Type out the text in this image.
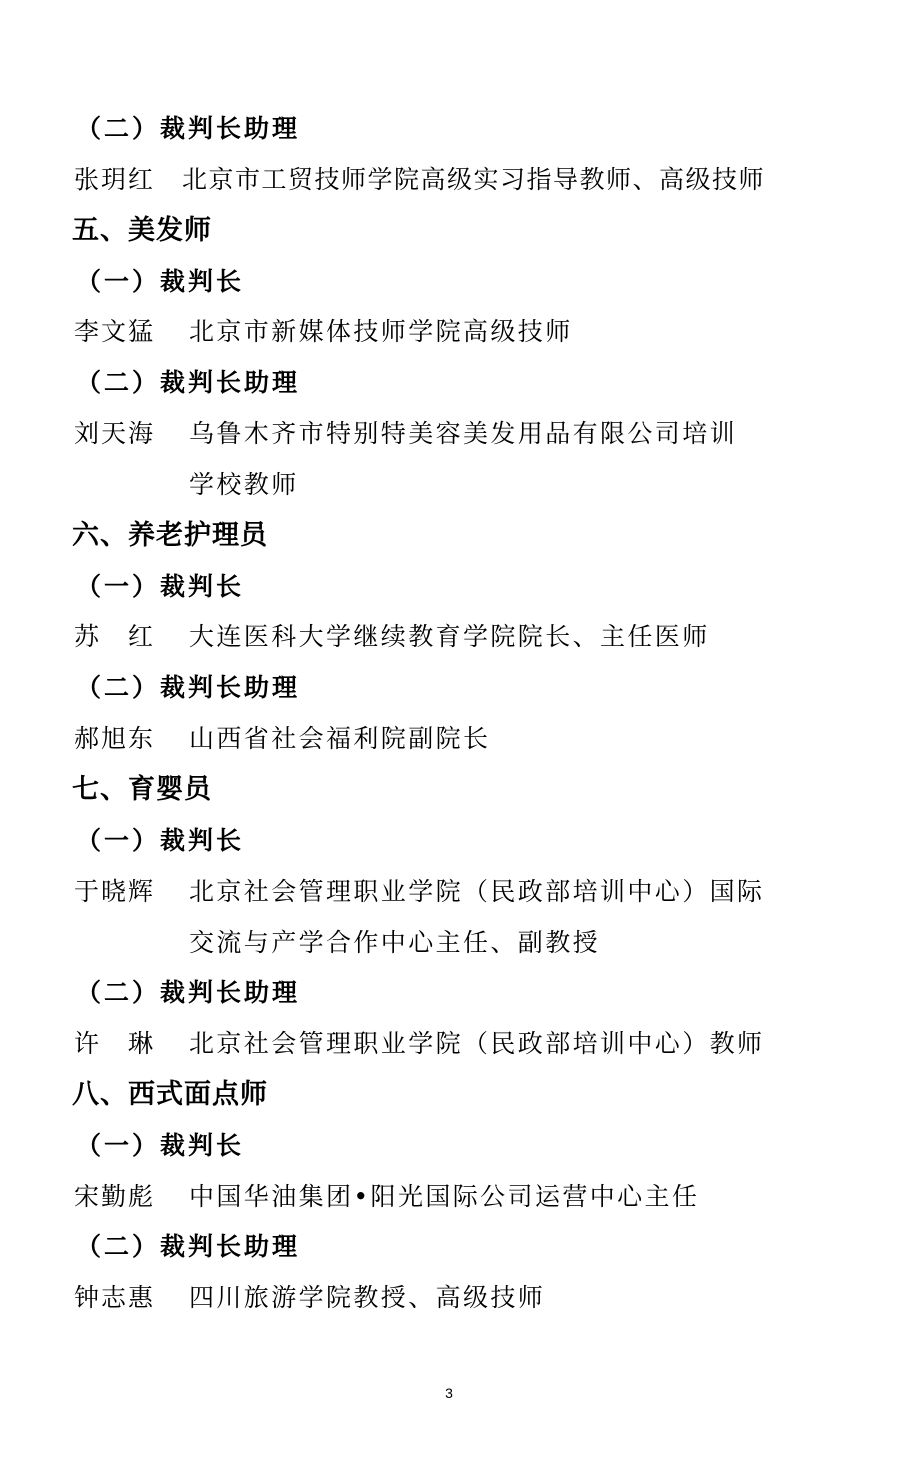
（二）裁判长助理
张玥红 北京市工贸技师学院高级实习指导教师、高级技师
五、美发师
（一）裁判长
李文猛 北京市新媒体技师学院高级技师
（二）裁判长助理
刘天海 乌鲁木齐市特别特美容美发用品有限公司培训
学校教师
六、养老护理员
（一）裁判长
苏　红 大连医科大学继续教育学院院长、主任医师
（二）裁判长助理
郝旭东 山西省社会福利院副院长
七、育婴员
（一）裁判长
于晓辉 北京社会管理职业学院（民政部培训中心）国际
交流与产学合作中心主任、副教授
（二）裁判长助理
许　琳 北京社会管理职业学院（民政部培训中心）教师
八、西式面点师
（一）裁判长
宋勤彪 中国华油集团•阳光国际公司运营中心主任
（二）裁判长助理
钟志惠 四川旅游学院教授、高级技师
3
